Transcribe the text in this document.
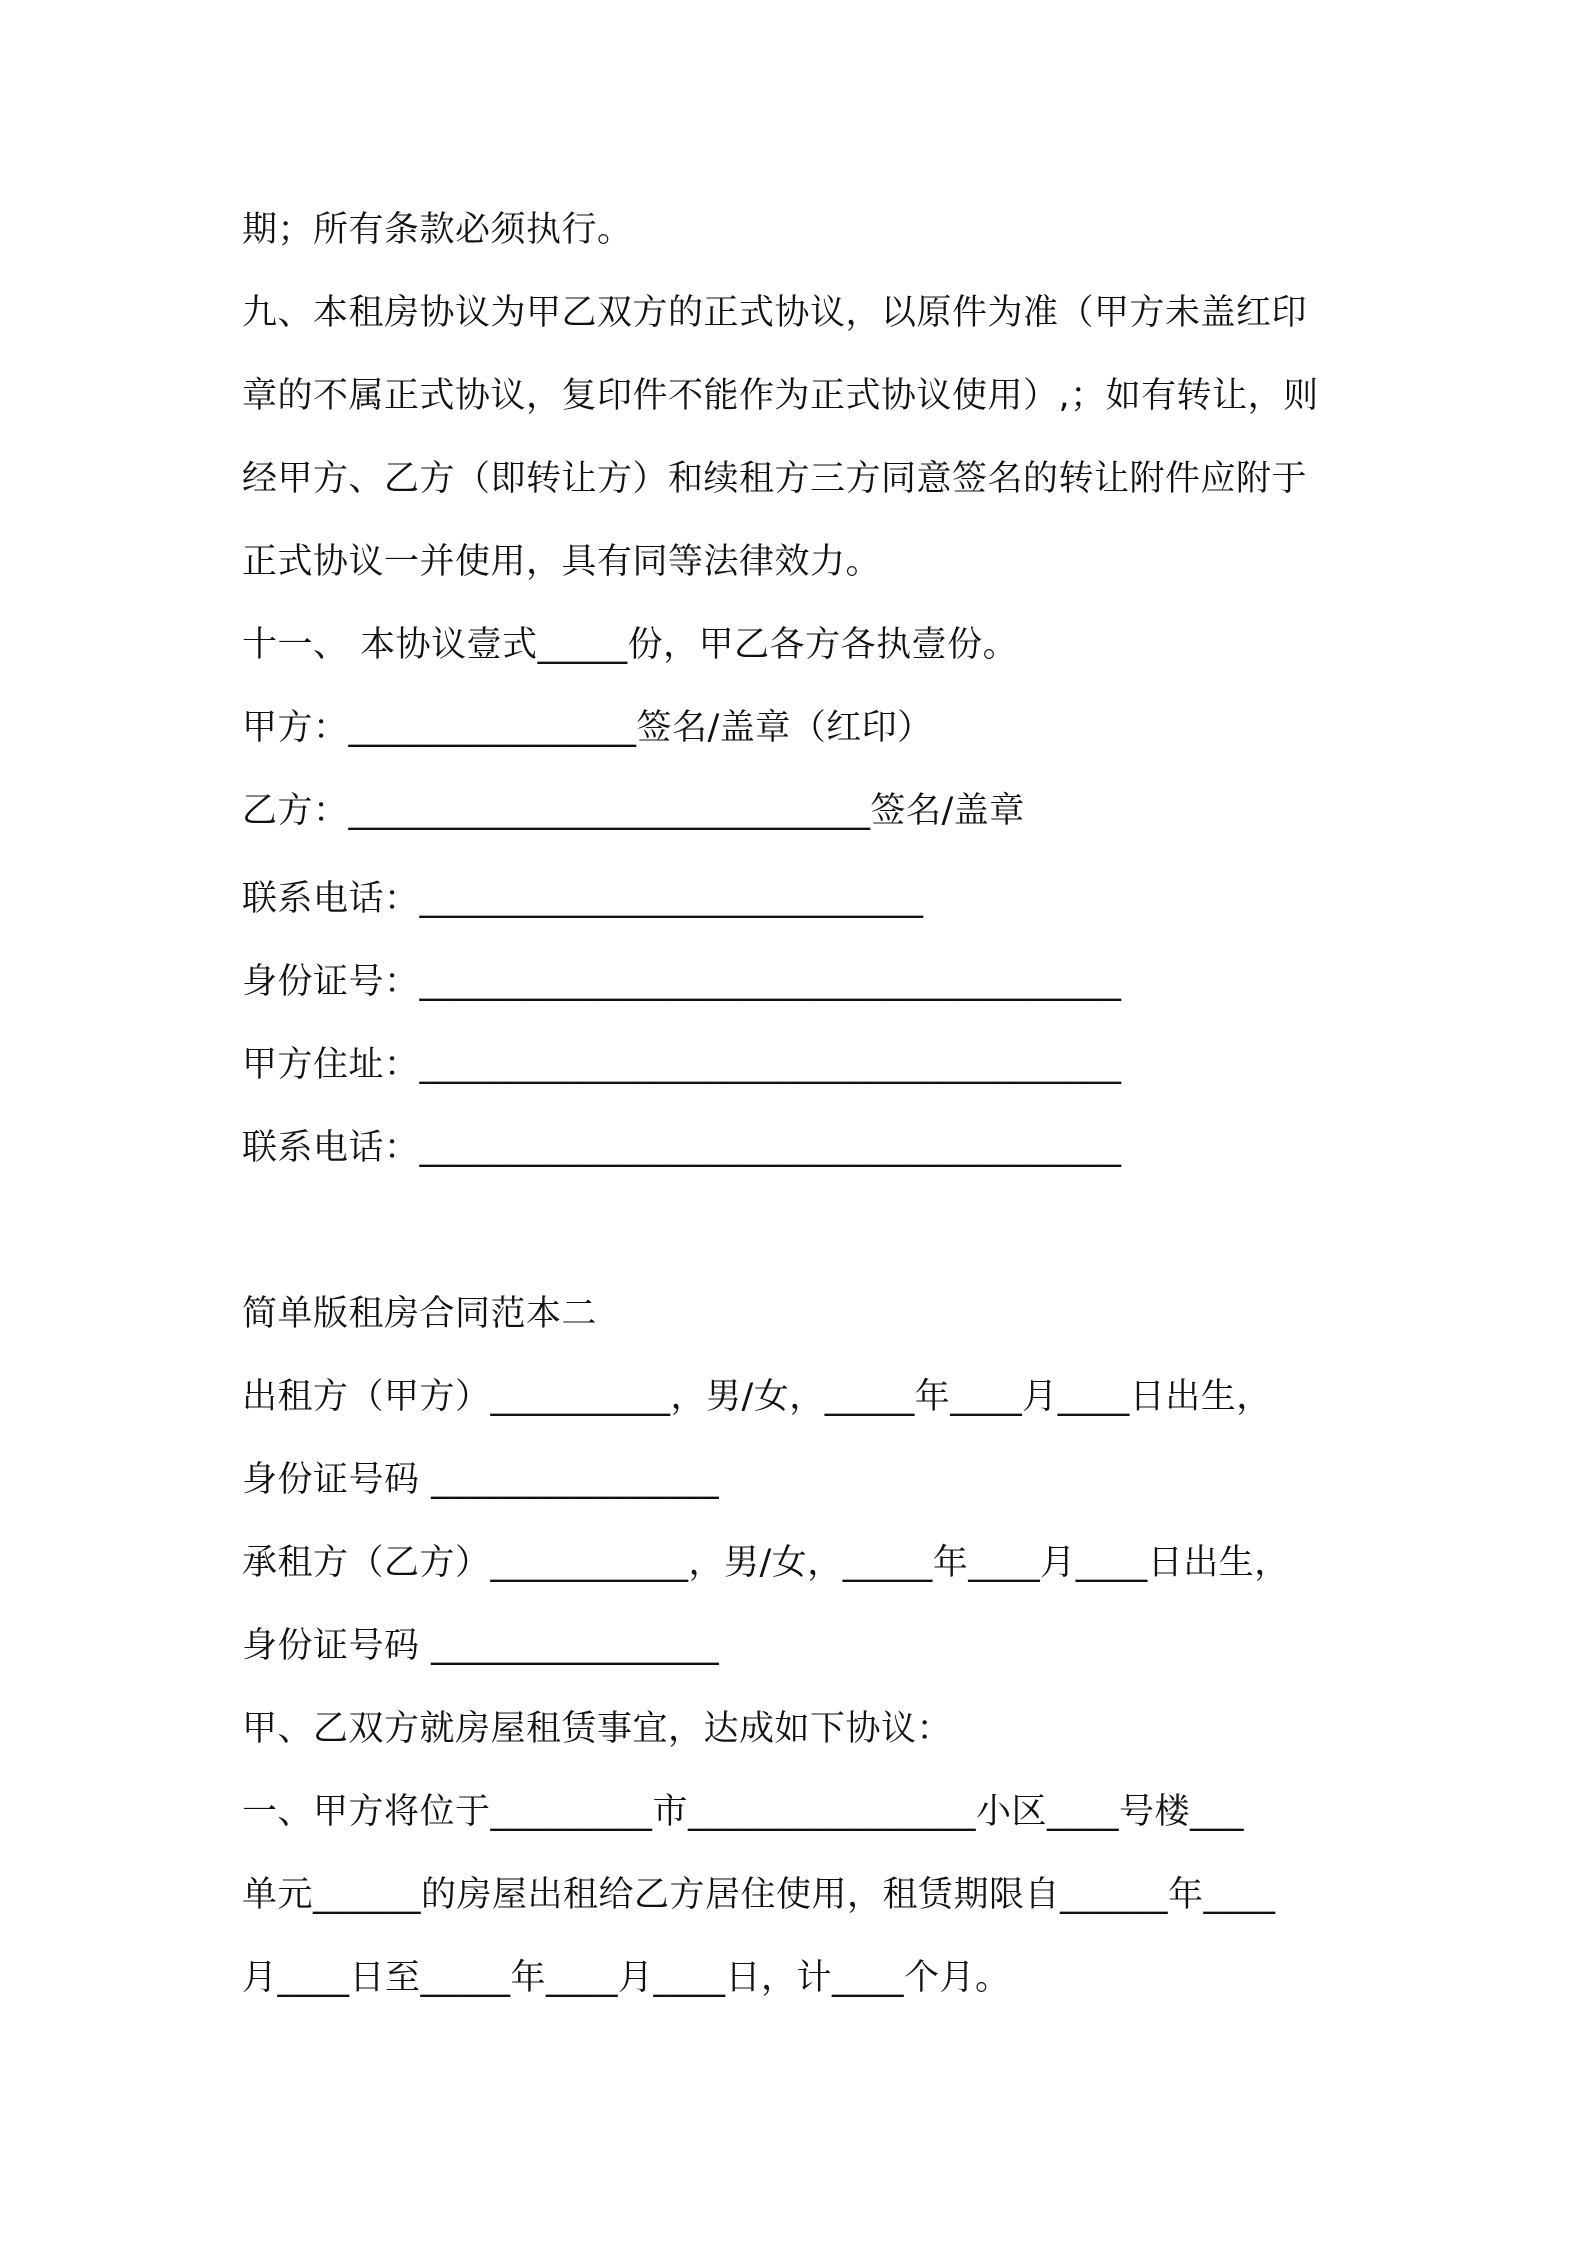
期；所有条款必须执行。
九、本租房协议为甲乙双方的正式协议，以原件为准（甲方未盖红印
章的不属正式协议，复印件不能作为正式协议使用）,；如有转让，则
经甲方、乙方（即转让方）和续租方三方同意签名的转让附件应附于
正式协议一并使用，具有同等法律效力。
十一、 本协议壹式_____份，甲乙各方各执壹份。
甲方：________________签名/盖章（红印）
乙方：_____________________________签名/盖章
联系电话：____________________________
身份证号：_______________________________________
甲方住址：_______________________________________
联系电话：_______________________________________
简单版租房合同范本二
出租方（甲方）__________，男/女，_____年____月____日出生，
身份证号码 ________________
承租方（乙方）___________，男/女，_____年____月____日出生，
身份证号码 ________________
甲、乙双方就房屋租赁事宜，达成如下协议：
一、甲方将位于_________市________________小区____号楼___
单元______的房屋出租给乙方居住使用，租赁期限自______年____
月____日至_____年____月____日，计____个月。
